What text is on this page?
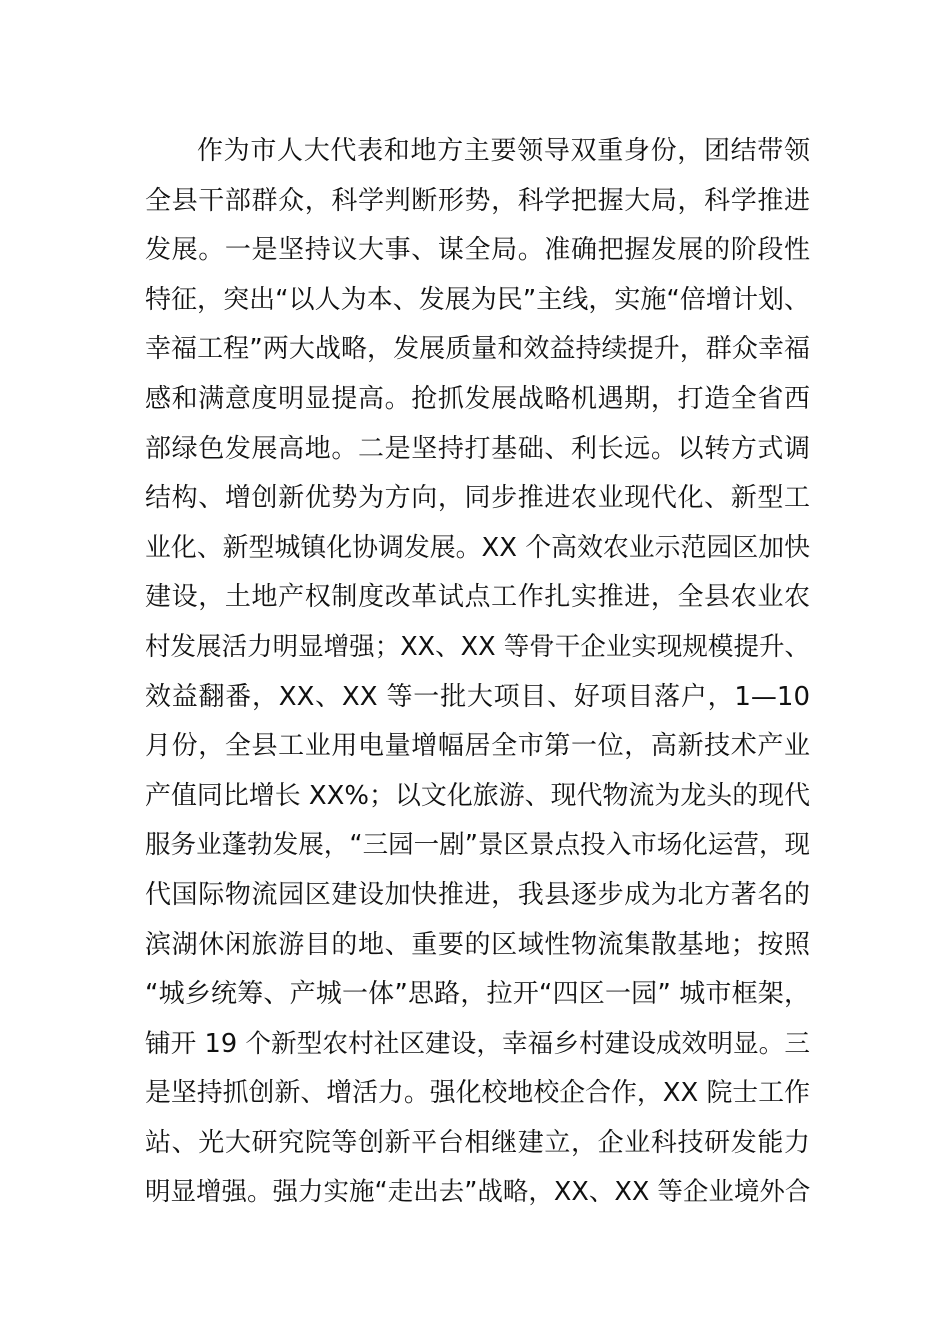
作为市人大代表和地方主要领导双重身份，团结带领
全县干部群众，科学判断形势，科学把握大局，科学推进
发展。一是坚持议大事、谋全局。准确把握发展的阶段性
特征，突出“以人为本、发展为民”主线，实施“倍增计划、
幸福工程”两大战略，发展质量和效益持续提升，群众幸福
感和满意度明显提高。抢抓发展战略机遇期，打造全省西
部绿色发展高地。二是坚持打基础、利长远。以转方式调
结构、增创新优势为方向，同步推进农业现代化、新型工
业化、新型城镇化协调发展。XX 个高效农业示范园区加快
建设，土地产权制度改革试点工作扎实推进，全县农业农
村发展活力明显增强；XX、XX 等骨干企业实现规模提升、
效益翻番，XX、XX 等一批大项目、好项目落户，1—10
月份，全县工业用电量增幅居全市第一位，高新技术产业
产值同比增长 XX%；以文化旅游、现代物流为龙头的现代
服务业蓬勃发展，“三园一剧”景区景点投入市场化运营，现
代国际物流园区建设加快推进，我县逐步成为北方著名的
滨湖休闲旅游目的地、重要的区域性物流集散基地；按照
“城乡统筹、产城一体”思路，拉开“四区一园” 城市框架，
铺开 19 个新型农村社区建设，幸福乡村建设成效明显。三
是坚持抓创新、增活力。强化校地校企合作，XX 院士工作
站、光大研究院等创新平台相继建立，企业科技研发能力
明显增强。强力实施“走出去”战略，XX、XX 等企业境外合
